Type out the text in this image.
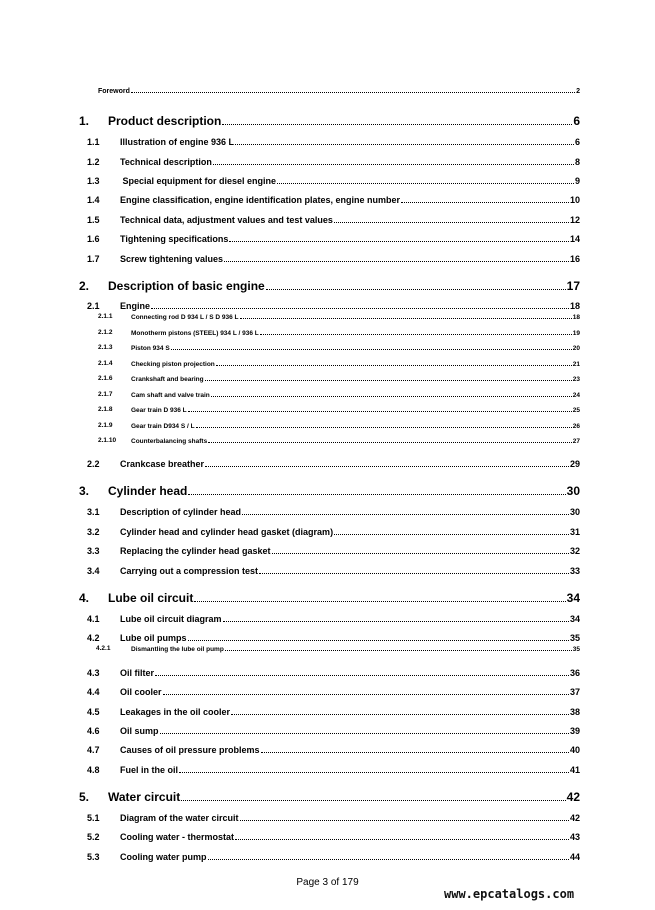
Foreword	2
1. Product description	6
1.1 Illustration of engine 936 L	6
1.2 Technical description	8
1.3 Special equipment for diesel engine	9
1.4 Engine classification, engine identification plates, engine number	10
1.5 Technical data, adjustment values and test values	12
1.6 Tightening specifications	14
1.7 Screw tightening values	16
2. Description of basic engine	17
2.1 Engine	18
2.1.1	Connecting rod D 934 L / S D 936 L	18
2.1.2	Monotherm pistons (STEEL) 934 L / 936 L	19
2.1.3	Piston 934 S	20
2.1.4	Checking piston projection	21
2.1.6	Crankshaft and bearing	23
2.1.7	Cam shaft and valve train	24
2.1.8	Gear train D 936 L	25
2.1.9	Gear train D934 S / L	26
2.1.10 Counterbalancing shafts	27
2.2 Crankcase breather	29
3. Cylinder head	30
3.1 Description of cylinder head	30
3.2 Cylinder head and cylinder head gasket (diagram)	31
3.3 Replacing the cylinder head gasket	32
3.4 Carrying out a compression test	33
4. Lube oil circuit	34
4.1 Lube oil circuit diagram	34
4.2 Lube oil pumps	35
4.2.1	Dismantling the lube oil pump	35
4.3 Oil filter	36
4.4 Oil cooler	37
4.5 Leakages in the oil cooler	38
4.6 Oil sump	39
4.7 Causes of oil pressure problems	40
4.8 Fuel in the oil	41
5. Water circuit	42
5.1 Diagram of the water circuit	42
5.2 Cooling water - thermostat	43
5.3 Cooling water pump	44
Page 3 of 179
www.epcatalogs.com
